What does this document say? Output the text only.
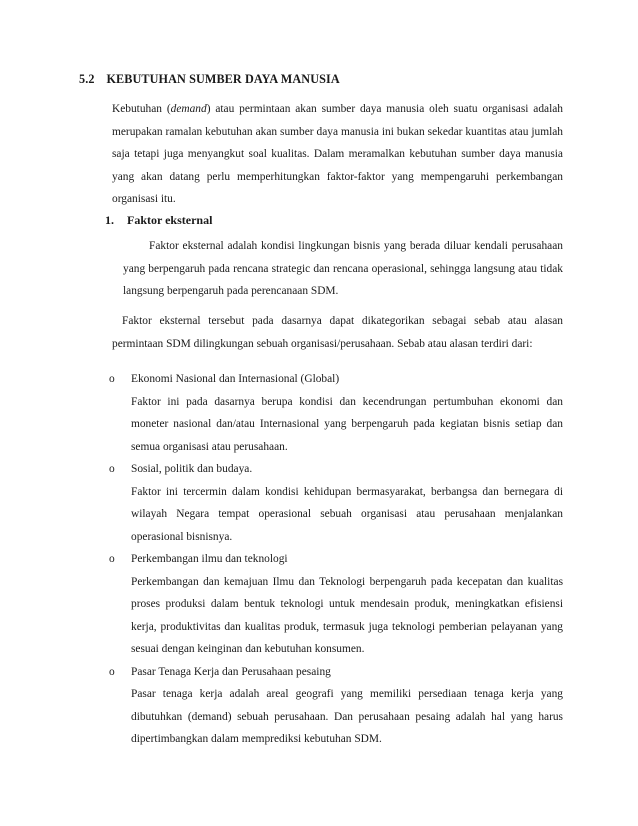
5.2 KEBUTUHAN SUMBER DAYA MANUSIA
Kebutuhan (demand) atau permintaan akan sumber daya manusia oleh suatu organisasi adalah merupakan ramalan kebutuhan akan sumber daya manusia ini bukan sekedar kuantitas atau jumlah saja tetapi juga menyangkut soal kualitas. Dalam meramalkan kebutuhan sumber daya manusia yang akan datang perlu memperhitungkan faktor-faktor yang mempengaruhi perkembangan organisasi itu.
1. Faktor eksternal
Faktor eksternal adalah kondisi lingkungan bisnis yang berada diluar kendali perusahaan yang berpengaruh pada rencana strategic dan rencana operasional, sehingga langsung atau tidak langsung berpengaruh pada perencanaan SDM.
Faktor eksternal tersebut pada dasarnya dapat dikategorikan sebagai sebab atau alasan permintaan SDM dilingkungan sebuah organisasi/perusahaan. Sebab atau alasan terdiri dari:
o Ekonomi Nasional dan Internasional (Global)
Faktor ini pada dasarnya berupa kondisi dan kecendrungan pertumbuhan ekonomi dan moneter nasional dan/atau Internasional yang berpengaruh pada kegiatan bisnis setiap dan semua organisasi atau perusahaan.
o Sosial, politik dan budaya.
Faktor ini tercermin dalam kondisi kehidupan bermasyarakat, berbangsa dan bernegara di wilayah Negara tempat operasional sebuah organisasi atau perusahaan menjalankan operasional bisnisnya.
o Perkembangan ilmu dan teknologi
Perkembangan dan kemajuan Ilmu dan Teknologi berpengaruh pada kecepatan dan kualitas proses produksi dalam bentuk teknologi untuk mendesain produk, meningkatkan efisiensi kerja, produktivitas dan kualitas produk, termasuk juga teknologi pemberian pelayanan yang sesuai dengan keinginan dan kebutuhan konsumen.
o Pasar Tenaga Kerja dan Perusahaan pesaing
Pasar tenaga kerja adalah areal geografi yang memiliki persediaan tenaga kerja yang dibutuhkan (demand) sebuah perusahaan. Dan perusahaan pesaing adalah hal yang harus dipertimbangkan dalam memprediksi kebutuhan SDM.
